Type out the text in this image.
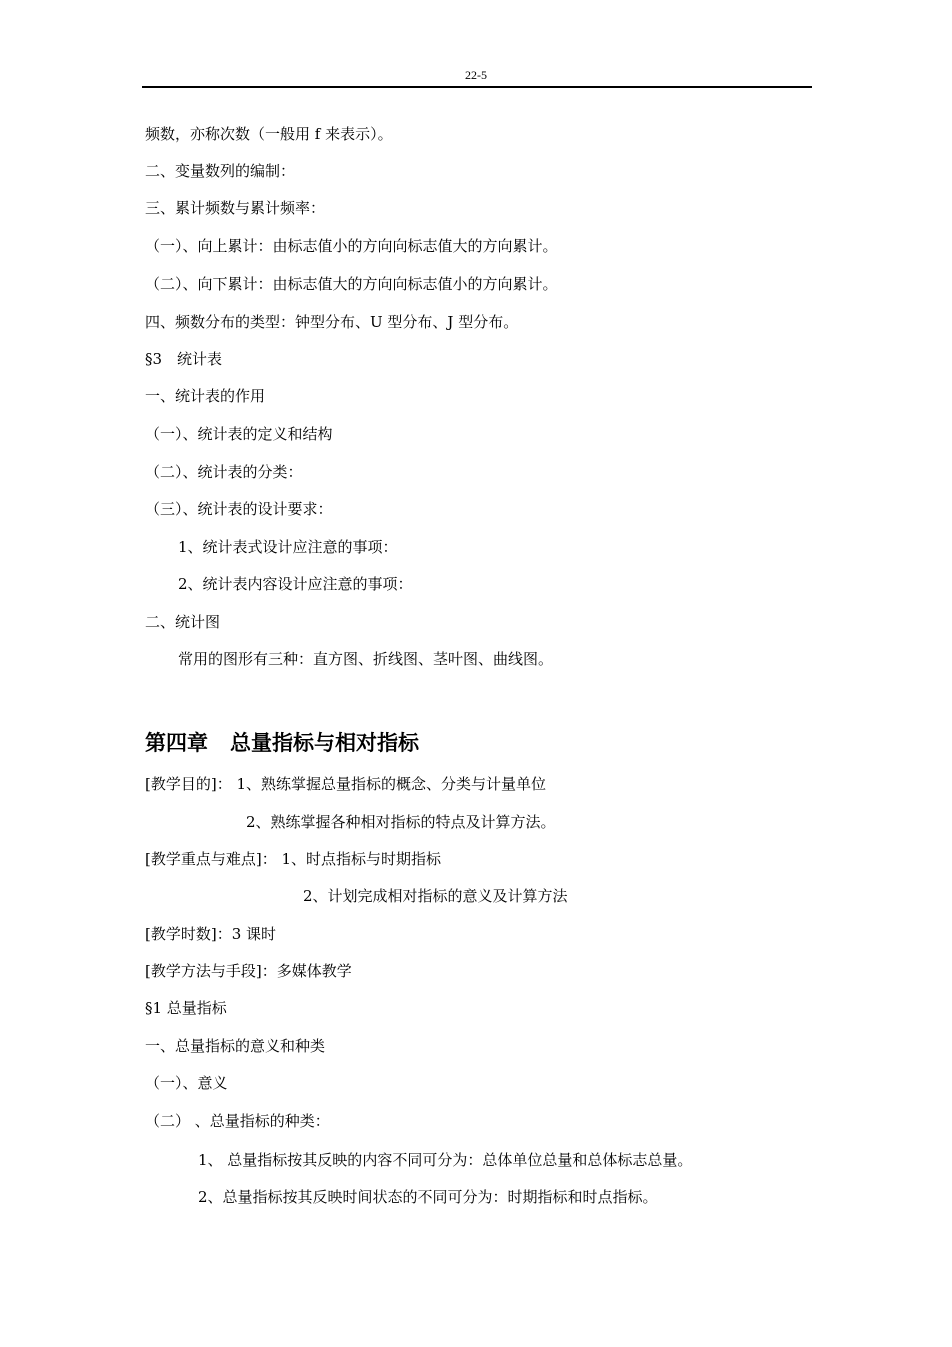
22-5
频数，亦称次数（一般用 f 来表示）。
二、变量数列的编制：
三、累计频数与累计频率：
（一）、向上累计：由标志值小的方向向标志值大的方向累计。
（二）、向下累计：由标志值大的方向向标志值小的方向累计。
四、频数分布的类型：钟型分布、U 型分布、J 型分布。
§3　统计表
一、统计表的作用
（一）、统计表的定义和结构
（二）、统计表的分类：
（三）、统计表的设计要求：
1、统计表式设计应注意的事项：
2、统计表内容设计应注意的事项：
二、统计图
常用的图形有三种：直方图、折线图、茎叶图、曲线图。
第四章 总量指标与相对指标
[教学目的]： 1、熟练掌握总量指标的概念、分类与计量单位
2、熟练掌握各种相对指标的特点及计算方法。
[教学重点与难点]： 1、时点指标与时期指标
2、计划完成相对指标的意义及计算方法
[教学时数]：3 课时
[教学方法与手段]：多媒体教学
§1 总量指标
一、总量指标的意义和种类
（一）、意义
（二） 、总量指标的种类：
1、 总量指标按其反映的内容不同可分为：总体单位总量和总体标志总量。
2、总量指标按其反映时间状态的不同可分为：时期指标和时点指标。
